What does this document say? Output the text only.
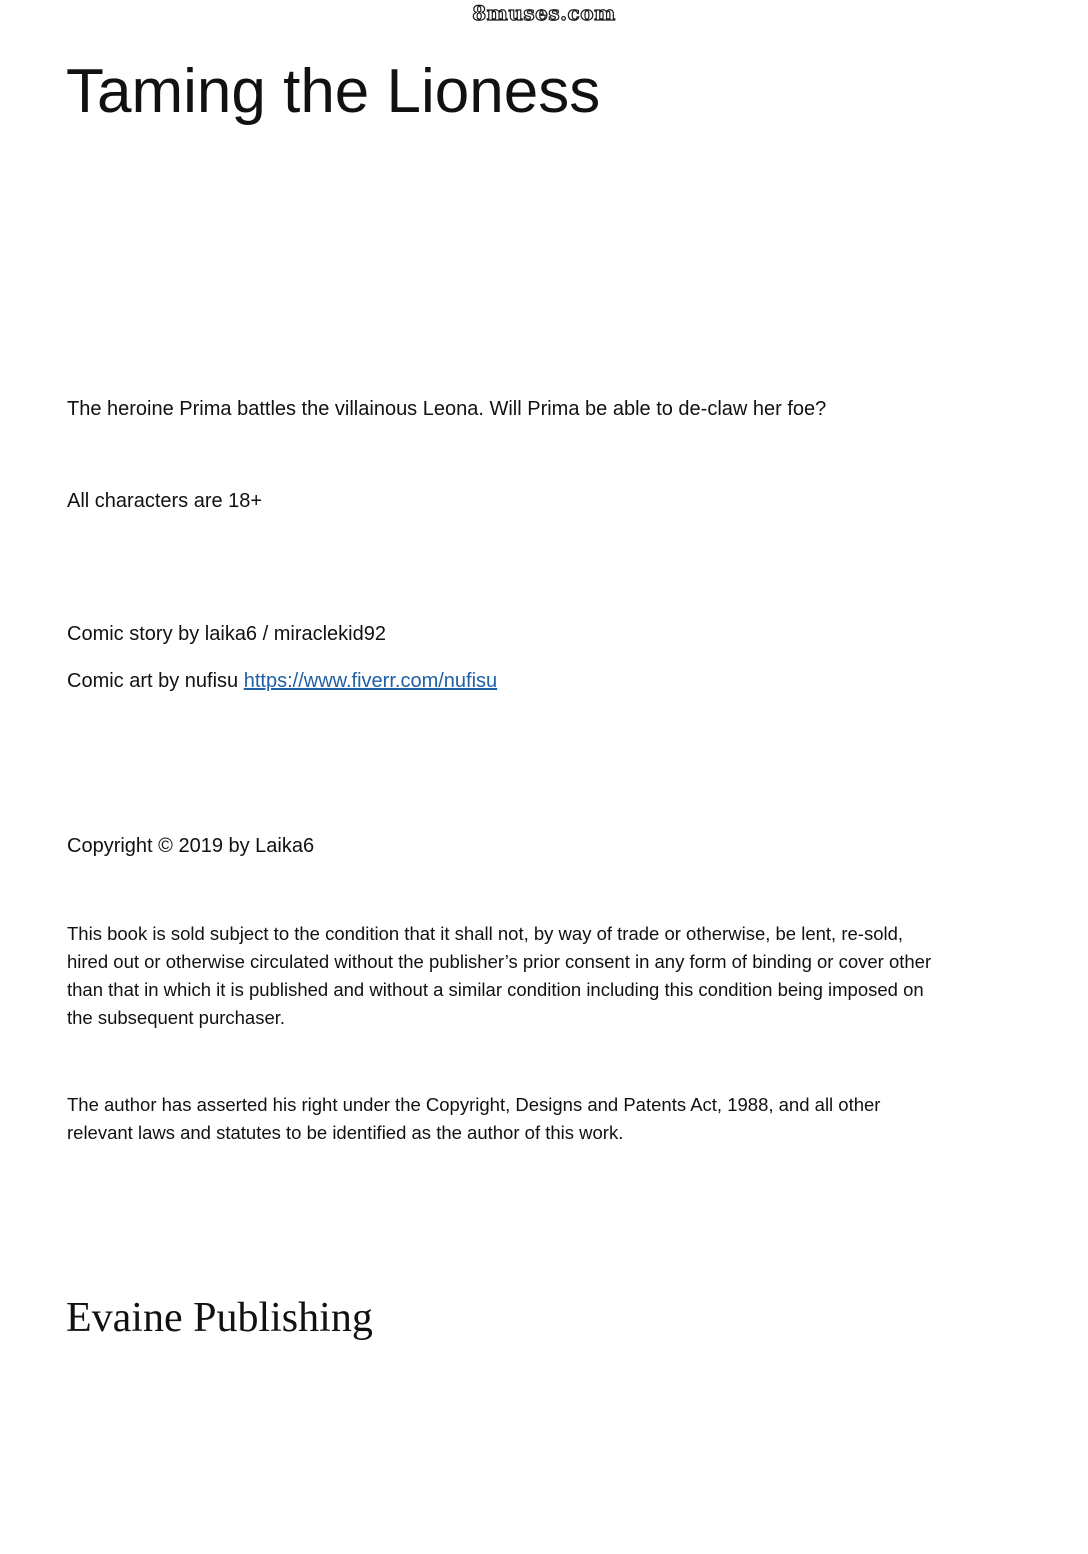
8muses.com
Taming the Lioness
The heroine Prima battles the villainous Leona. Will Prima be able to de-claw her foe?
All characters are 18+
Comic story by laika6 / miraclekid92
Comic art by nufisu https://www.fiverr.com/nufisu
Copyright © 2019 by Laika6
This book is sold subject to the condition that it shall not, by way of trade or otherwise, be lent, re-sold, hired out or otherwise circulated without the publisher’s prior consent in any form of binding or cover other than that in which it is published and without a similar condition including this condition being imposed on the subsequent purchaser.
The author has asserted his right under the Copyright, Designs and Patents Act, 1988, and all other relevant laws and statutes to be identified as the author of this work.
Evaine Publishing
